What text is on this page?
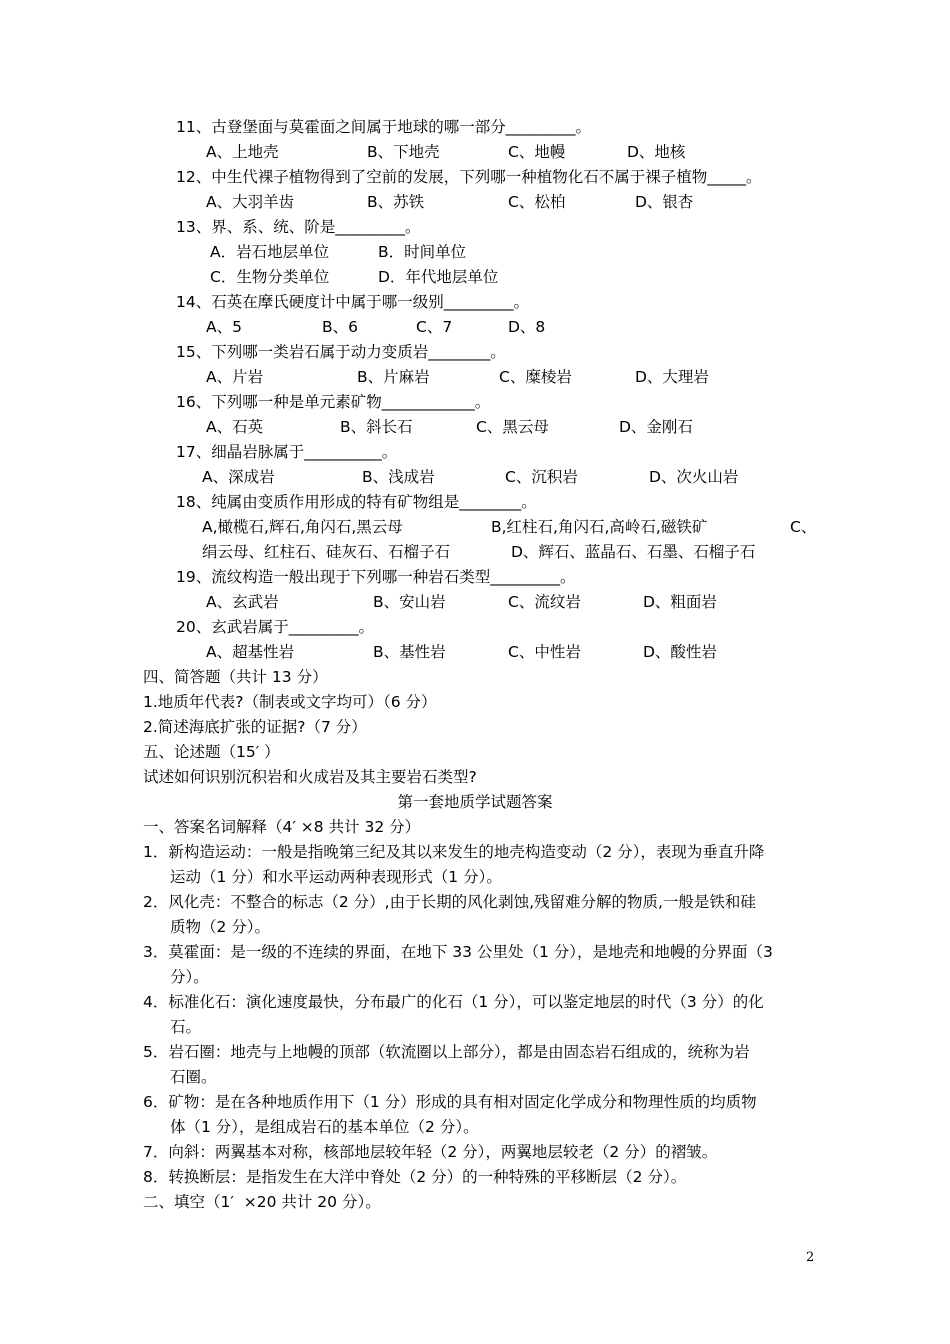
11、古登堡面与莫霍面之间属于地球的哪一部分_________。
A、上地壳	B、下地壳	C、地幔	D、地核
12、中生代裸子植物得到了空前的发展，下列哪一种植物化石不属于裸子植物_____。
A、大羽羊齿	B、苏铁	C、松柏	D、银杏
13、界、系、统、阶是_________。
A．岩石地层单位	B．时间单位
C．生物分类单位	D．年代地层单位
14、石英在摩氏硬度计中属于哪一级别_________。
A、5	B、6	C、7	D、8
15、下列哪一类岩石属于动力变质岩________。
A、片岩	B、片麻岩	C、糜棱岩	D、大理岩
16、下列哪一种是单元素矿物____________。
A、石英	B、斜长石	C、黑云母	D、金刚石
17、细晶岩脉属于__________。
A、深成岩	B、浅成岩	C、沉积岩	D、次火山岩
18、纯属由变质作用形成的特有矿物组是________。
A,橄榄石,辉石,角闪石,黑云母	B,红柱石,角闪石,高岭石,磁铁矿	C、
绢云母、红柱石、硅灰石、石榴子石	D、辉石、蓝晶石、石墨、石榴子石
19、流纹构造一般出现于下列哪一种岩石类型_________。
A、玄武岩	B、安山岩	C、流纹岩	D、粗面岩
20、玄武岩属于_________。
A、超基性岩	B、基性岩	C、中性岩	D、酸性岩
四、简答题（共计 13 分）
1.地质年代表?（制表或文字均可）（6 分）
2.简述海底扩张的证据?（7 分）
五、论述题（15′ ）
试述如何识别沉积岩和火成岩及其主要岩石类型?
第一套地质学试题答案
一、答案名词解释（4′ ×8 共计 32 分）
1．新构造运动：一般是指晚第三纪及其以来发生的地壳构造变动（2 分），表现为垂直升降
运动（1 分）和水平运动两种表现形式（1 分）。
2．风化壳：不整合的标志（2 分）,由于长期的风化剥蚀,残留难分解的物质,一般是铁和硅
质物（2 分）。
3．莫霍面：是一级的不连续的界面，在地下 33 公里处（1 分），是地壳和地幔的分界面（3
分）。
4．标准化石：演化速度最快，分布最广的化石（1 分），可以鉴定地层的时代（3 分）的化
石。
5．岩石圈：地壳与上地幔的顶部（软流圈以上部分），都是由固态岩石组成的，统称为岩
石圈。
6．矿物：是在各种地质作用下（1 分）形成的具有相对固定化学成分和物理性质的均质物
体（1 分），是组成岩石的基本单位（2 分）。
7．向斜：两翼基本对称，核部地层较年轻（2 分），两翼地层较老（2 分）的褶皱。
8．转换断层：是指发生在大洋中脊处（2 分）的一种特殊的平移断层（2 分）。
二、填空（1′  ×20 共计 20 分）。
2
